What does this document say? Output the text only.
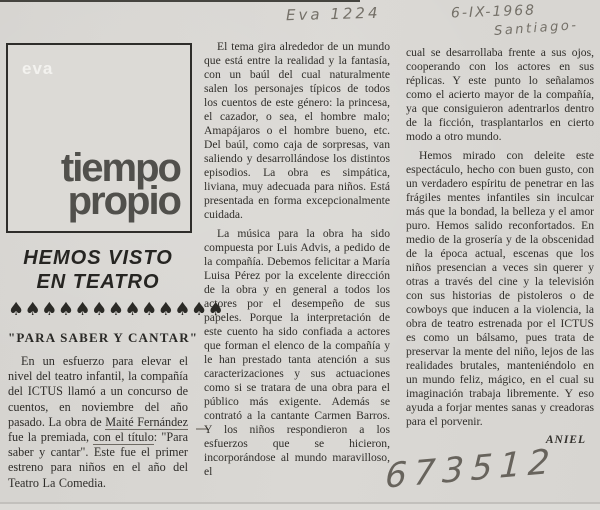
Eva 1224	6-IX-1968
Santiago-
673512
eva
tiempo
propio
HEMOS VISTO
EN TEATRO
♠♠♠♠♠♠♠♠♠♠♠♠♠
"PARA SABER Y CANTAR"

En un esfuerzo para elevar el nivel del teatro infantil, la compañía del ICTUS llamó a un concurso de cuentos, en noviembre del año pasado. La obra de Maité Fernández fue la premiada, con el título: "Para saber y cantar". Este fue el primer estreno para niños en el año del Teatro La Comedia.

El tema gira alrededor de un mundo que está entre la realidad y la fantasía, con un baúl del cual naturalmente salen los personajes típicos de todos los cuentos de este género: la princesa, el cazador, o sea, el hombre malo; Amapájaros o el hombre bueno, etc. Del baúl, como caja de sorpresas, van saliendo y desarrollándose los distintos episodios. La obra es simpática, liviana, muy adecuada para niños. Está presentada en forma excepcionalmente cuidada.

La música para la obra ha sido compuesta por Luis Advis, a pedido de la compañía. Debemos felicitar a María Luisa Pérez por la excelente dirección de la obra y en general a todos los actores por el desempeño de sus papeles. Porque la interpretación de este cuento ha sido confiada a actores que forman el elenco de la compañía y le han prestado tanta atención a sus caracterizaciones y sus actuaciones como si se tratara de una obra para el público más exigente. Además se contrató a la cantante Carmen Barros. Y los niños respondieron a los esfuerzos que se hicieron, incorporándose al mundo maravilloso, el

cual se desarrollaba frente a sus ojos, cooperando con los actores en sus réplicas. Y este punto lo señalamos como el acierto mayor de la compañía, ya que consiguieron adentrarlos dentro de la ficción, trasplantarlos en cierto modo a otro mundo.

Hemos mirado con deleite este espectáculo, hecho con buen gusto, con un verdadero espíritu de penetrar en las frágiles mentes infantiles sin inculcar más que la bondad, la belleza y el amor puro. Hemos salido reconfortados. En medio de la grosería y de la obscenidad de la época actual, escenas que los niños presencian a veces sin querer y otras a través del cine y la televisión con sus historias de pistoleros o de cowboys que inducen a la violencia, la obra de teatro estrenada por el ICTUS es como un bálsamo, pues trata de preservar la mente del niño, lejos de las realidades brutales, manteniéndolo en un mundo feliz, mágico, en el cual su imaginación trabaja libremente. Y eso ayuda a forjar mentes sanas y creadoras para el porvenir.

ANIEL
